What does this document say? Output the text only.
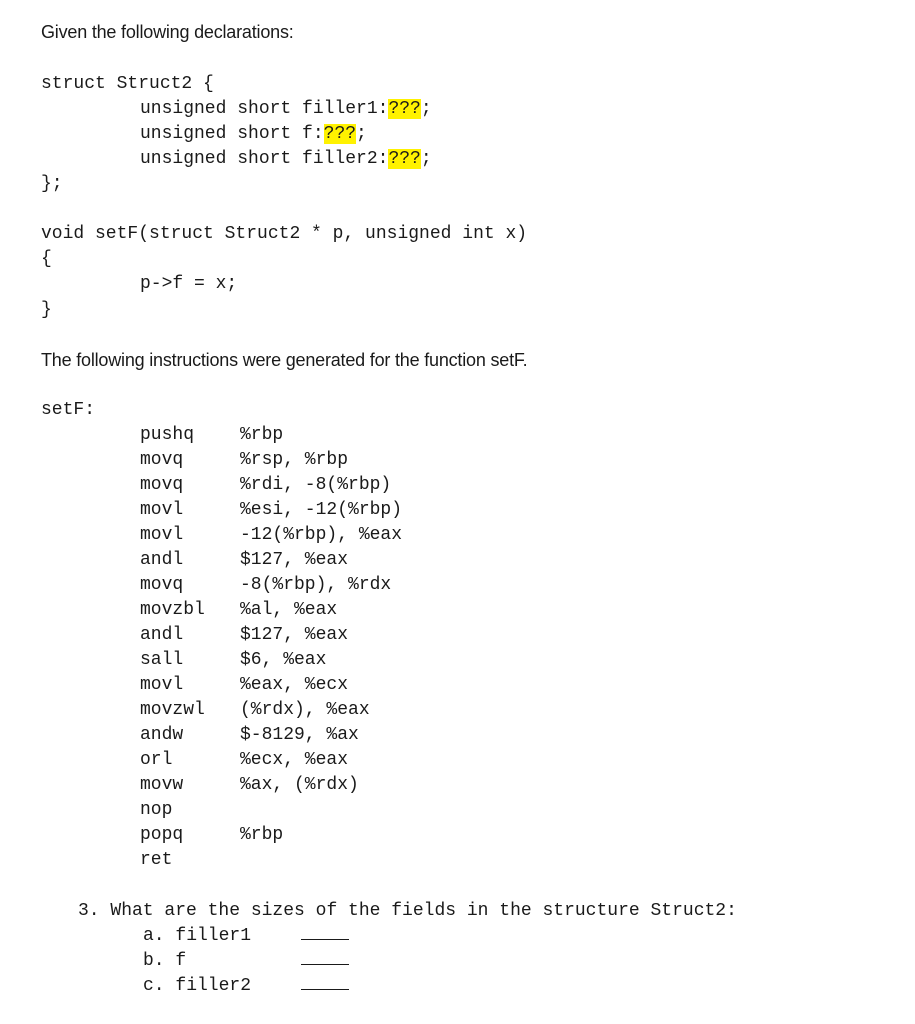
Given the following declarations:
struct Struct2 {
unsigned short filler1:???;
unsigned short f:???;
unsigned short filler2:???;
};
void setF(struct Struct2 * p, unsigned int x)
{
p->f = x;
}
The following instructions were generated for the function setF.
setF:
pushq	%rbp
movq	%rsp, %rbp
movq	%rdi, -8(%rbp)
movl	%esi, -12(%rbp)
movl	-12(%rbp), %eax
andl	$127, %eax
movq	-8(%rbp), %rdx
movzbl %al, %eax
andl	$127, %eax
sall	$6, %eax
movl	%eax, %ecx
movzwl (%rdx), %eax
andw	$-8129, %ax
orl	%ecx, %eax
movw	%ax, (%rdx)
nop
popq	%rbp
ret
3. What are the sizes of the fields in the structure Struct2:
a. filler1
b. f
c. filler2
